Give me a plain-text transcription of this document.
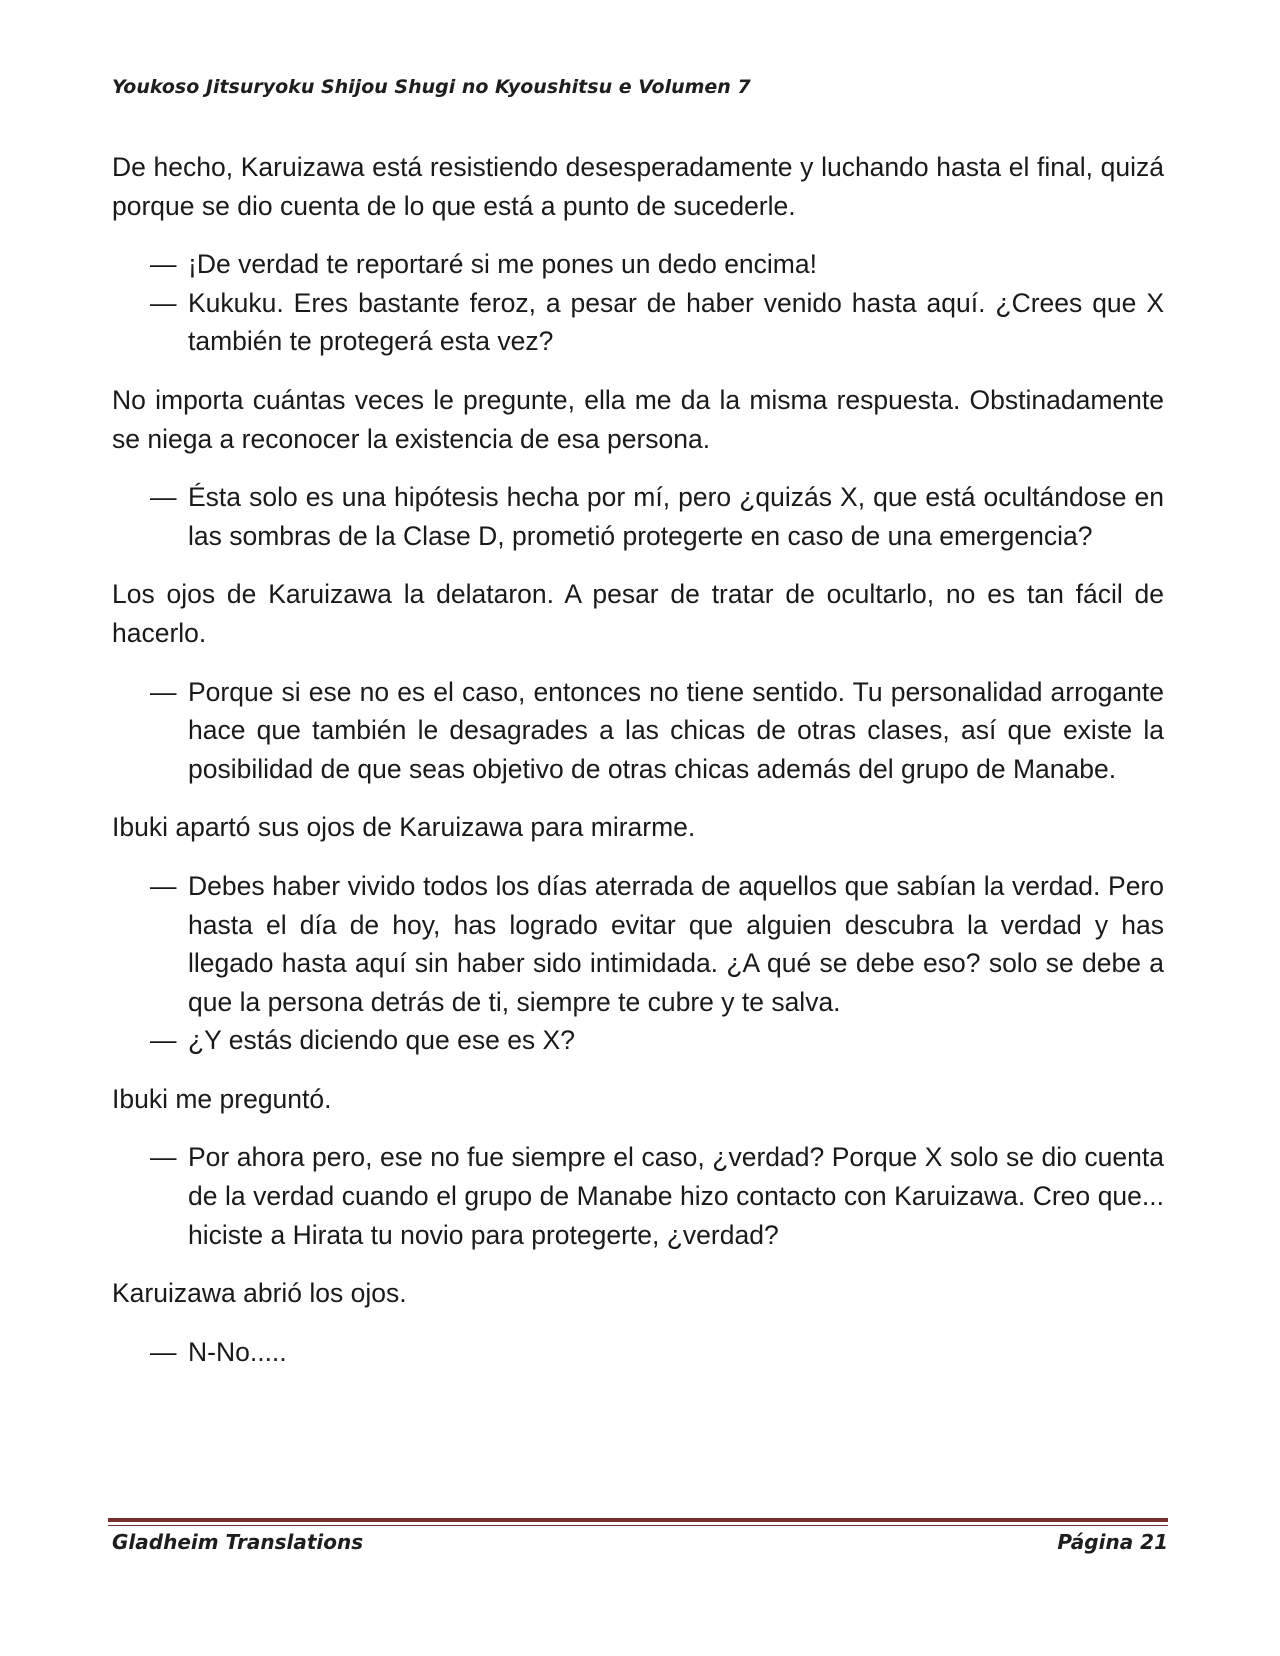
Youkoso Jitsuryoku Shijou Shugi no Kyoushitsu e Volumen 7

De hecho, Karuizawa está resistiendo desesperadamente y luchando hasta el final, quizá porque se dio cuenta de lo que está a punto de sucederle.

— ¡De verdad te reportaré si me pones un dedo encima!
— Kukuku. Eres bastante feroz, a pesar de haber venido hasta aquí. ¿Crees que X también te protegerá esta vez?

No importa cuántas veces le pregunte, ella me da la misma respuesta. Obstinadamente se niega a reconocer la existencia de esa persona.

— Ésta solo es una hipótesis hecha por mí, pero ¿quizás X, que está ocultándose en las sombras de la Clase D, prometió protegerte en caso de una emergencia?

Los ojos de Karuizawa la delataron. A pesar de tratar de ocultarlo, no es tan fácil de hacerlo.

— Porque si ese no es el caso, entonces no tiene sentido. Tu personalidad arrogante hace que también le desagrades a las chicas de otras clases, así que existe la posibilidad de que seas objetivo de otras chicas además del grupo de Manabe.

Ibuki apartó sus ojos de Karuizawa para mirarme.

— Debes haber vivido todos los días aterrada de aquellos que sabían la verdad. Pero hasta el día de hoy, has logrado evitar que alguien descubra la verdad y has llegado hasta aquí sin haber sido intimidada. ¿A qué se debe eso? solo se debe a que la persona detrás de ti, siempre te cubre y te salva.
— ¿Y estás diciendo que ese es X?

Ibuki me preguntó.

— Por ahora pero, ese no fue siempre el caso, ¿verdad? Porque X solo se dio cuenta de la verdad cuando el grupo de Manabe hizo contacto con Karuizawa. Creo que... hiciste a Hirata tu novio para protegerte, ¿verdad?

Karuizawa abrió los ojos.

— N-No.....
Gladheim Translations	Página 21
